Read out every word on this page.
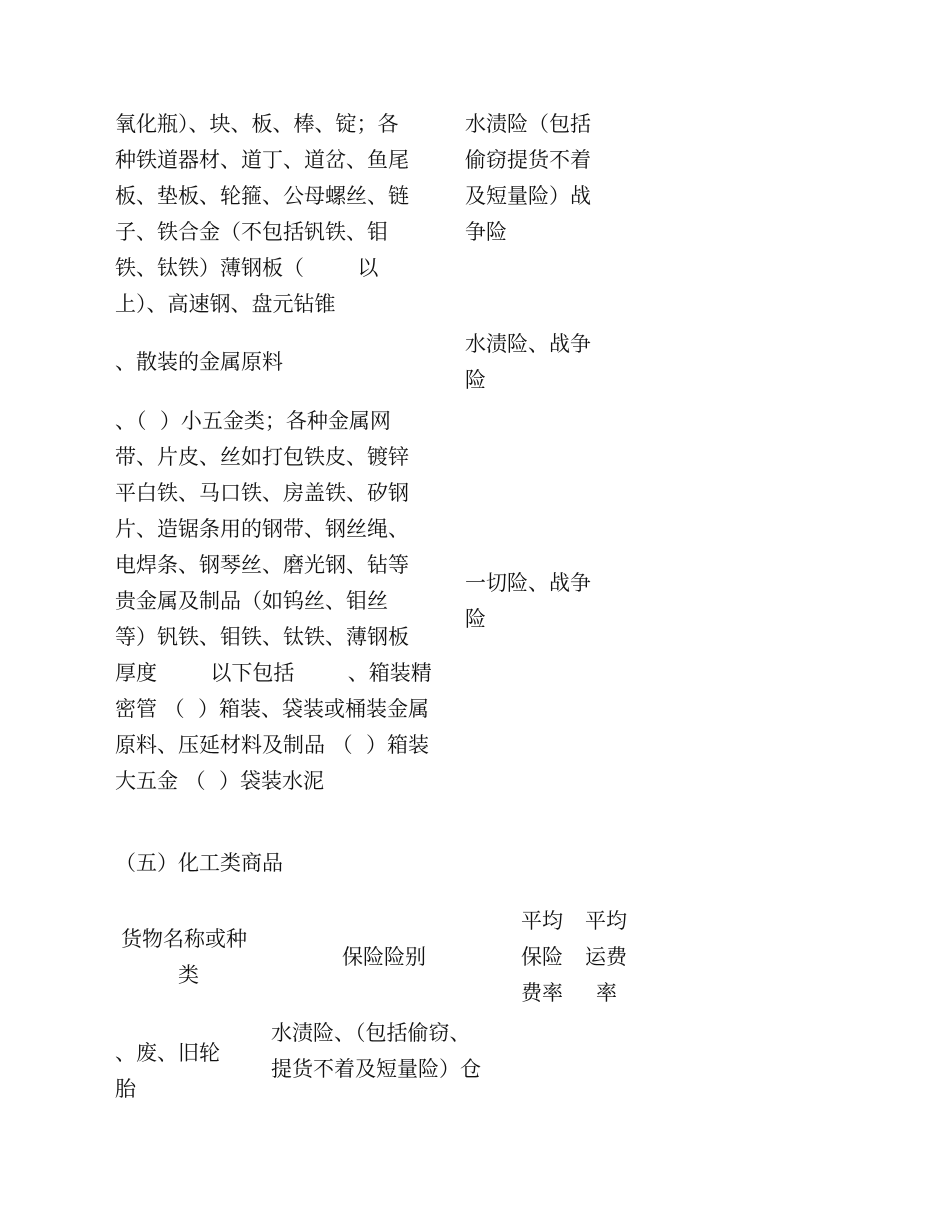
氧化瓶）、块、板、棒、锭；各
种铁道器材、道丁、道岔、鱼尾
板、垫板、轮箍、公母螺丝、链
子、铁合金（不包括钒铁、钼
铁、钛铁）薄钢板（        以
上）、高速钢、盘元钻锥
水渍险（包括
偷窃提货不着
及短量险）战
争险
、散装的金属原料
水渍险、战争
险
、（  ）小五金类；各种金属网
带、片皮、丝如打包铁皮、镀锌
平白铁、马口铁、房盖铁、矽钢
片、造锯条用的钢带、钢丝绳、
电焊条、钢琴丝、磨光钢、钻等
贵金属及制品（如钨丝、钼丝
等）钒铁、钼铁、钛铁、薄钢板
厚度        以下包括        、箱装精
密管 （  ）箱装、袋装或桶装金属
原料、压延材料及制品 （  ）箱装
大五金 （  ）袋装水泥
一切险、战争
险
（五）化工类商品
货物名称或种
类
保险险别
平均
保险
费率
平均
运费
率
、废、旧轮
胎
水渍险、（包括偷窃、
提货不着及短量险）仓
